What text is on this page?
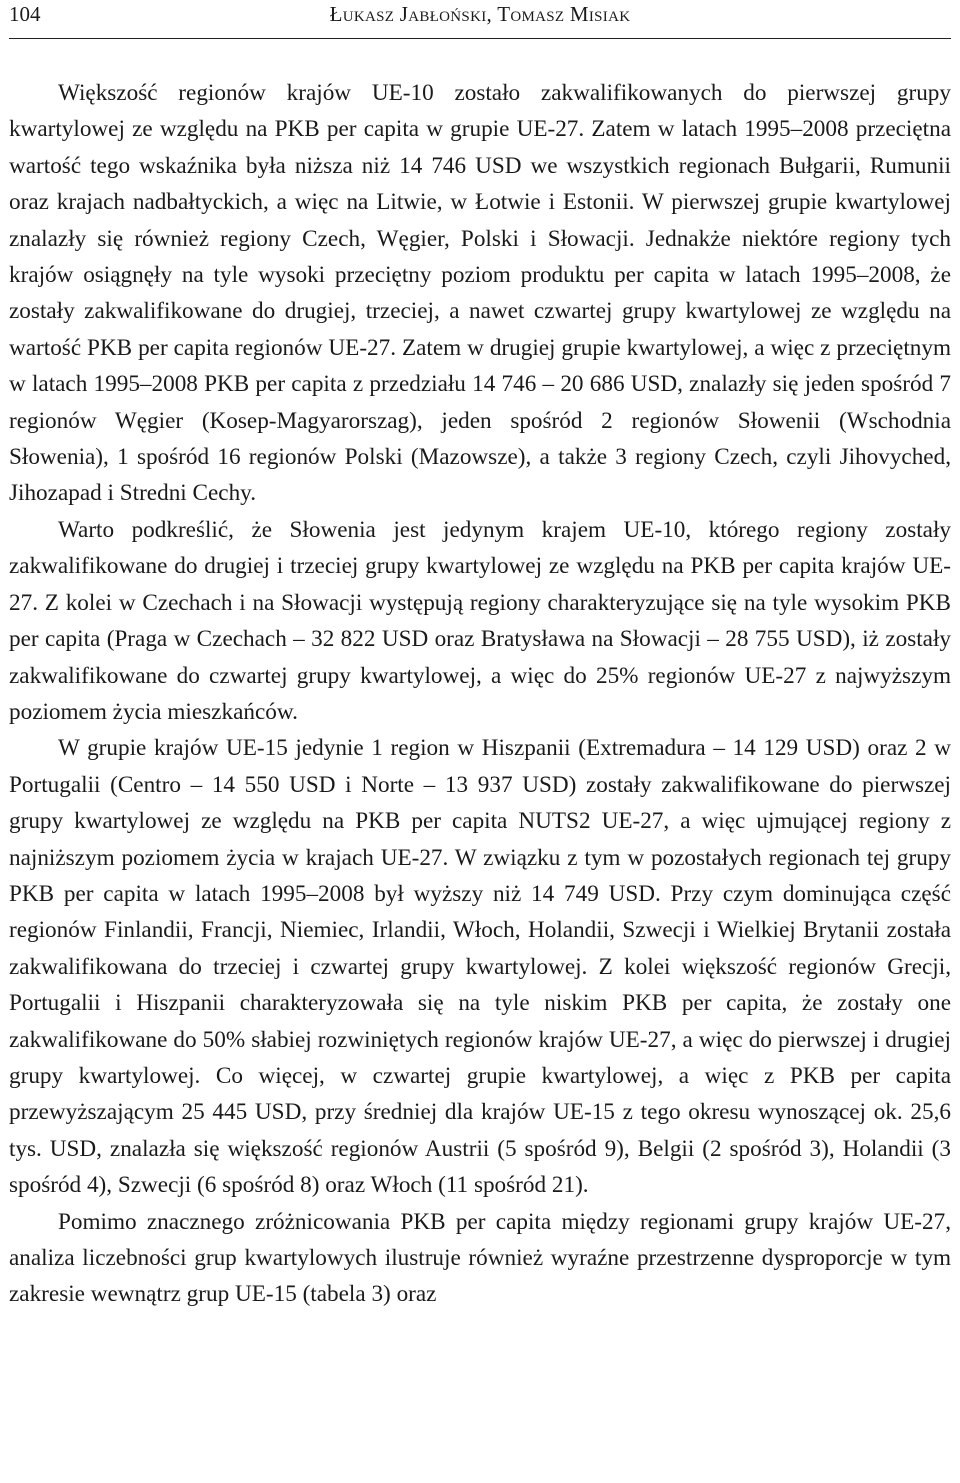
104	Łukasz Jabłoński, Tomasz Misiak

Większość regionów krajów UE-10 zostało zakwalifikowanych do pierwszej grupy kwartylowej ze względu na PKB per capita w grupie UE-27. Zatem w latach 1995–2008 przeciętna wartość tego wskaźnika była niższa niż 14 746 USD we wszystkich regionach Bułgarii, Rumunii oraz krajach nadbałtyckich, a więc na Litwie, w Łotwie i Estonii. W pierwszej grupie kwartylowej znalazły się również regiony Czech, Węgier, Polski i Słowacji. Jednakże niektóre regiony tych krajów osiągnęły na tyle wysoki przeciętny poziom produktu per capita w latach 1995–2008, że zostały zakwalifikowane do drugiej, trzeciej, a nawet czwartej grupy kwartylowej ze względu na wartość PKB per capita regionów UE-27. Zatem w drugiej grupie kwartylowej, a więc z przeciętnym w latach 1995–2008 PKB per capita z przedziału 14 746 – 20 686 USD, znalazły się jeden spośród 7 regionów Węgier (Kosep-Magyarorszag), jeden spośród 2 regionów Słowenii (Wschodnia Słowenia), 1 spośród 16 regionów Polski (Mazowsze), a także 3 regiony Czech, czyli Jihovyched, Jihozapad i Stredni Cechy.

Warto podkreślić, że Słowenia jest jedynym krajem UE-10, którego regiony zostały zakwalifikowane do drugiej i trzeciej grupy kwartylowej ze względu na PKB per capita krajów UE-27. Z kolei w Czechach i na Słowacji występują regiony charakteryzujące się na tyle wysokim PKB per capita (Praga w Czechach – 32 822 USD oraz Bratysława na Słowacji – 28 755 USD), iż zostały zakwalifikowane do czwartej grupy kwartylowej, a więc do 25% regionów UE-27 z najwyższym poziomem życia mieszkańców.

W grupie krajów UE-15 jedynie 1 region w Hiszpanii (Extremadura – 14 129 USD) oraz 2 w Portugalii (Centro – 14 550 USD i Norte – 13 937 USD) zostały zakwalifikowane do pierwszej grupy kwartylowej ze względu na PKB per capita NUTS2 UE-27, a więc ujmującej regiony z najniższym poziomem życia w krajach UE-27. W związku z tym w pozostałych regionach tej grupy PKB per capita w latach 1995–2008 był wyższy niż 14 749 USD. Przy czym dominująca część regionów Finlandii, Francji, Niemiec, Irlandii, Włoch, Holandii, Szwecji i Wielkiej Brytanii została zakwalifikowana do trzeciej i czwartej grupy kwartylowej. Z kolei większość regionów Grecji, Portugalii i Hiszpanii charakteryzowała się na tyle niskim PKB per capita, że zostały one zakwalifikowane do 50% słabiej rozwiniętych regionów krajów UE-27, a więc do pierwszej i drugiej grupy kwartylowej. Co więcej, w czwartej grupie kwartylowej, a więc z PKB per capita przewyższającym 25 445 USD, przy średniej dla krajów UE-15 z tego okresu wynoszącej ok. 25,6 tys. USD, znalazła się większość regionów Austrii (5 spośród 9), Belgii (2 spośród 3), Holandii (3 spośród 4), Szwecji (6 spośród 8) oraz Włoch (11 spośród 21).

Pomimo znacznego zróżnicowania PKB per capita między regionami grupy krajów UE-27, analiza liczebności grup kwartylowych ilustruje również wyraźne przestrzenne dysproporcje w tym zakresie wewnątrz grup UE-15 (tabela 3) oraz
